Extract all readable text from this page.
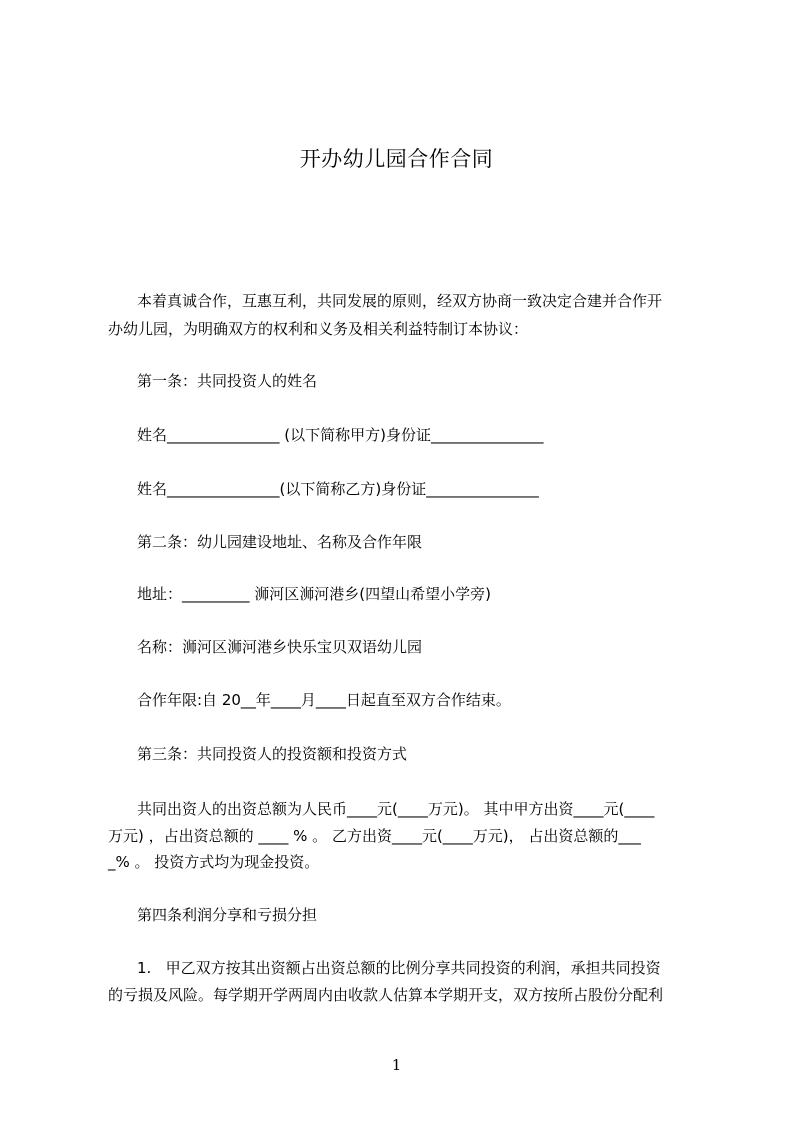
开办幼儿园合作合同
本着真诚合作，互惠互利，共同发展的原则，经双方协商一致决定合建并合作开
办幼儿园，为明确双方的权利和义务及相关利益特制订本协议：
第一条：共同投资人的姓名
姓名_______________ (以下简称甲方)身份证_______________
姓名_______________(以下简称乙方)身份证_______________
第二条：幼儿园建设地址、名称及合作年限
地址：_________ 浉河区浉河港乡(四望山希望小学旁)
名称：浉河区浉河港乡快乐宝贝双语幼儿园
合作年限:自 20__年____月____日起直至双方合作结束。
第三条：共同投资人的投资额和投资方式
共同出资人的出资总额为人民币____元(____万元)。 其中甲方出资____元(____
万元) ，占出资总额的 ____ % 。 乙方出资____元(____万元)， 占出资总额的___
_% 。 投资方式均为现金投资。
第四条利润分享和亏损分担
1.   甲乙双方按其出资额占出资总额的比例分享共同投资的利润，承担共同投资
的亏损及风险。每学期开学两周内由收款人估算本学期开支，双方按所占股份分配利
1
